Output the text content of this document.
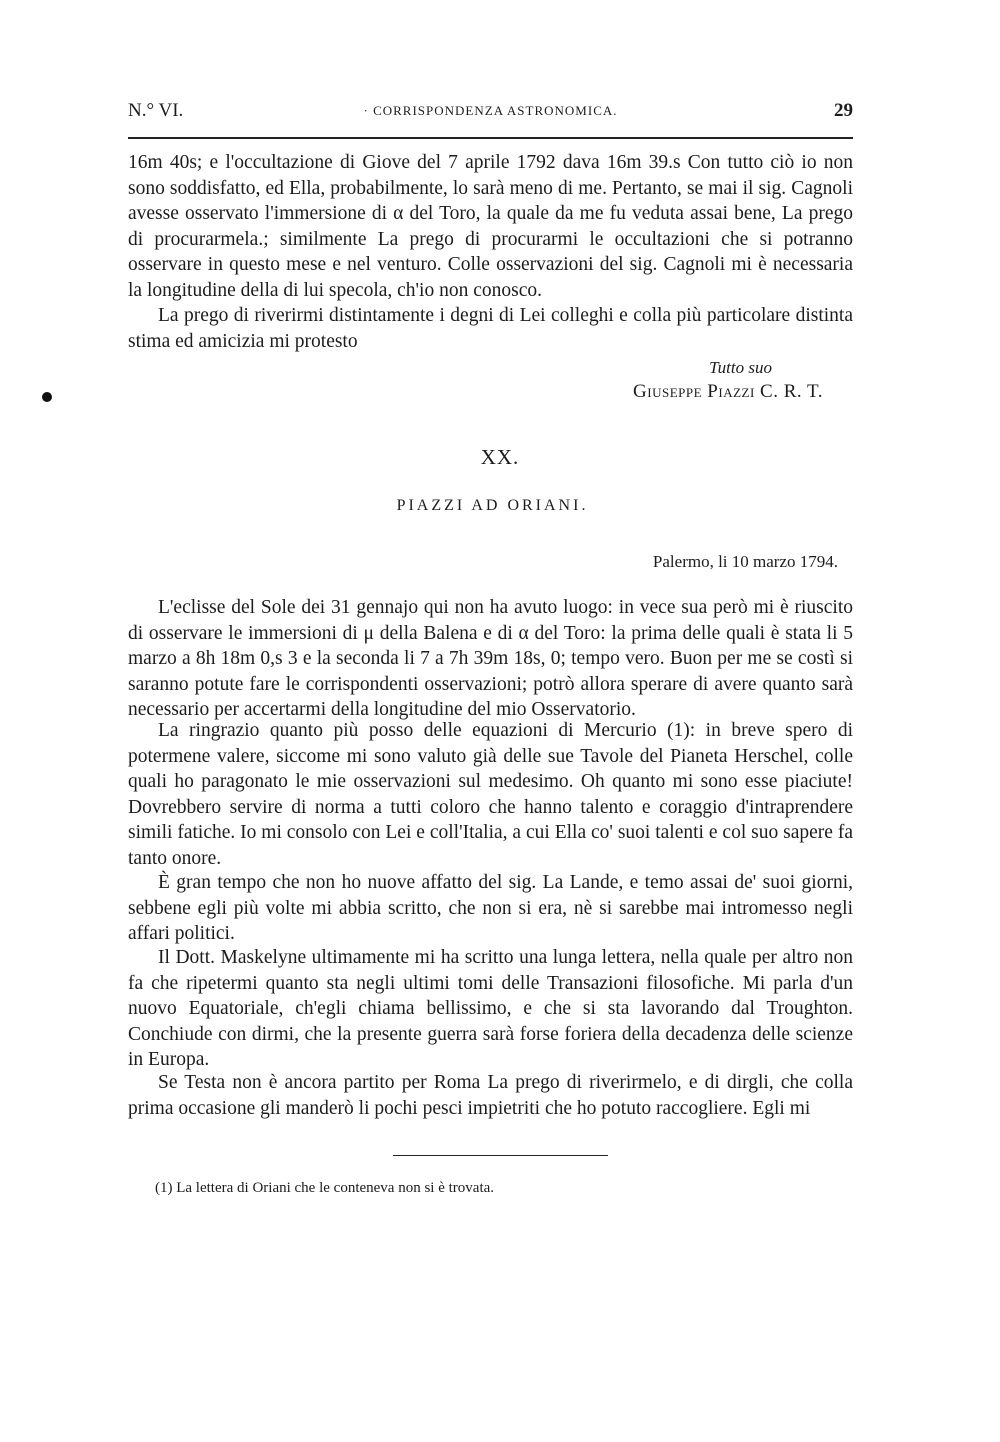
N.° VI.	· CORRISPONDENZA ASTRONOMICA.	29

16m 40s; e l'occultazione di Giove del 7 aprile 1792 dava 16m 39.s Con tutto ciò io non sono soddisfatto, ed Ella, probabilmente, lo sarà meno di me. Pertanto, se mai il sig. Cagnoli avesse osservato l'immersione di α del Toro, la quale da me fu veduta assai bene, La prego di procurarmela.; similmente La prego di procurarmi le occultazioni che si potranno osservare in questo mese e nel venturo. Colle osservazioni del sig. Cagnoli mi è necessaria la longitudine della di lui specola, ch'io non conosco.

La prego di riverirmi distintamente i degni di Lei colleghi e colla più particolare distinta stima ed amicizia mi protesto

Tutto suo
Giuseppe Piazzi C. R. T.
XX.
PIAZZI AD ORIANI.
Palermo, li 10 marzo 1794.

L'eclisse del Sole dei 31 gennajo qui non ha avuto luogo: in vece sua però mi è riuscito di osservare le immersioni di μ della Balena e di α del Toro: la prima delle quali è stata li 5 marzo a 8h 18m 0,s 3 e la seconda li 7 a 7h 39m 18s, 0; tempo vero. Buon per me se costì si saranno potute fare le corrispondenti osservazioni; potrò allora sperare di avere quanto sarà necessario per accertarmi della longitudine del mio Osservatorio.

La ringrazio quanto più posso delle equazioni di Mercurio (1): in breve spero di potermene valere, siccome mi sono valuto già delle sue Tavole del Pianeta Herschel, colle quali ho paragonato le mie osservazioni sul medesimo. Oh quanto mi sono esse piaciute! Dovrebbero servire di norma a tutti coloro che hanno talento e coraggio d'intraprendere simili fatiche. Io mi consolo con Lei e coll'Italia, a cui Ella co' suoi talenti e col suo sapere fa tanto onore.

È gran tempo che non ho nuove affatto del sig. La Lande, e temo assai de' suoi giorni, sebbene egli più volte mi abbia scritto, che non si era, nè si sarebbe mai intromesso negli affari politici.

Il Dott. Maskelyne ultimamente mi ha scritto una lunga lettera, nella quale per altro non fa che ripetermi quanto sta negli ultimi tomi delle Transazioni filosofiche. Mi parla d'un nuovo Equatoriale, ch'egli chiama bellissimo, e che si sta lavorando dal Troughton. Conchiude con dirmi, che la presente guerra sarà forse foriera della decadenza delle scienze in Europa.

Se Testa non è ancora partito per Roma La prego di riverirmelo, e di dirgli, che colla prima occasione gli manderò li pochi pesci impietriti che ho potuto raccogliere. Egli mi

(1) La lettera di Oriani che le conteneva non si è trovata.
